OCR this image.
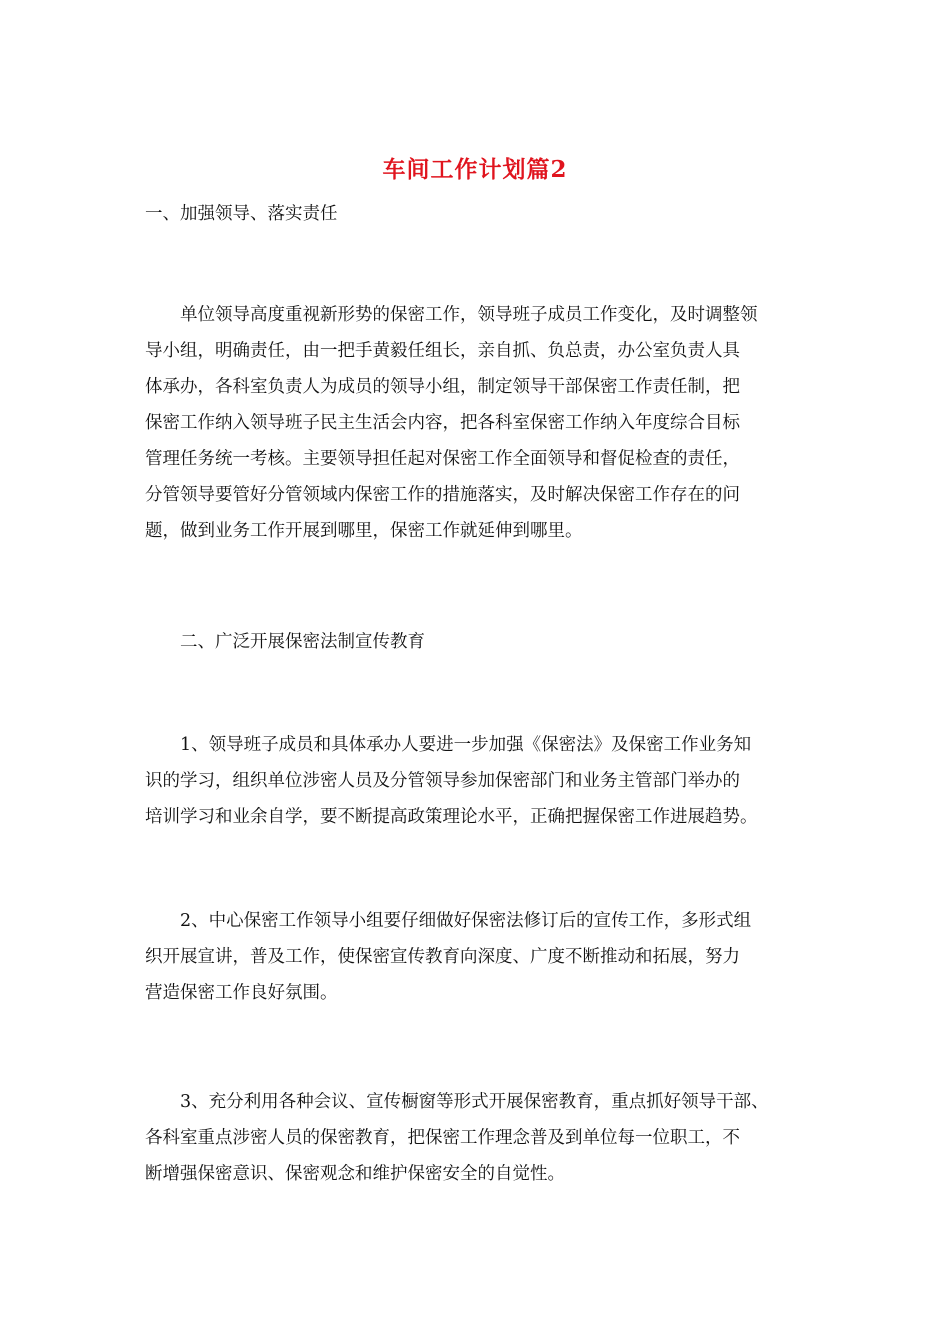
车间工作计划篇2

一、加强领导、落实责任

单位领导高度重视新形势的保密工作，领导班子成员工作变化，及时调整领
导小组，明确责任，由一把手黄毅任组长，亲自抓、负总责，办公室负责人具
体承办，各科室负责人为成员的领导小组，制定领导干部保密工作责任制，把
保密工作纳入领导班子民主生活会内容，把各科室保密工作纳入年度综合目标
管理任务统一考核。主要领导担任起对保密工作全面领导和督促检查的责任，
分管领导要管好分管领域内保密工作的措施落实，及时解决保密工作存在的问
题，做到业务工作开展到哪里，保密工作就延伸到哪里。

二、广泛开展保密法制宣传教育

1、领导班子成员和具体承办人要进一步加强《保密法》及保密工作业务知
识的学习，组织单位涉密人员及分管领导参加保密部门和业务主管部门举办的
培训学习和业余自学，要不断提高政策理论水平，正确把握保密工作进展趋势。
2、中心保密工作领导小组要仔细做好保密法修订后的宣传工作，多形式组
织开展宣讲，普及工作，使保密宣传教育向深度、广度不断推动和拓展，努力
营造保密工作良好氛围。
3、充分利用各种会议、宣传橱窗等形式开展保密教育，重点抓好领导干部、
各科室重点涉密人员的保密教育，把保密工作理念普及到单位每一位职工，不
断增强保密意识、保密观念和维护保密安全的自觉性。
